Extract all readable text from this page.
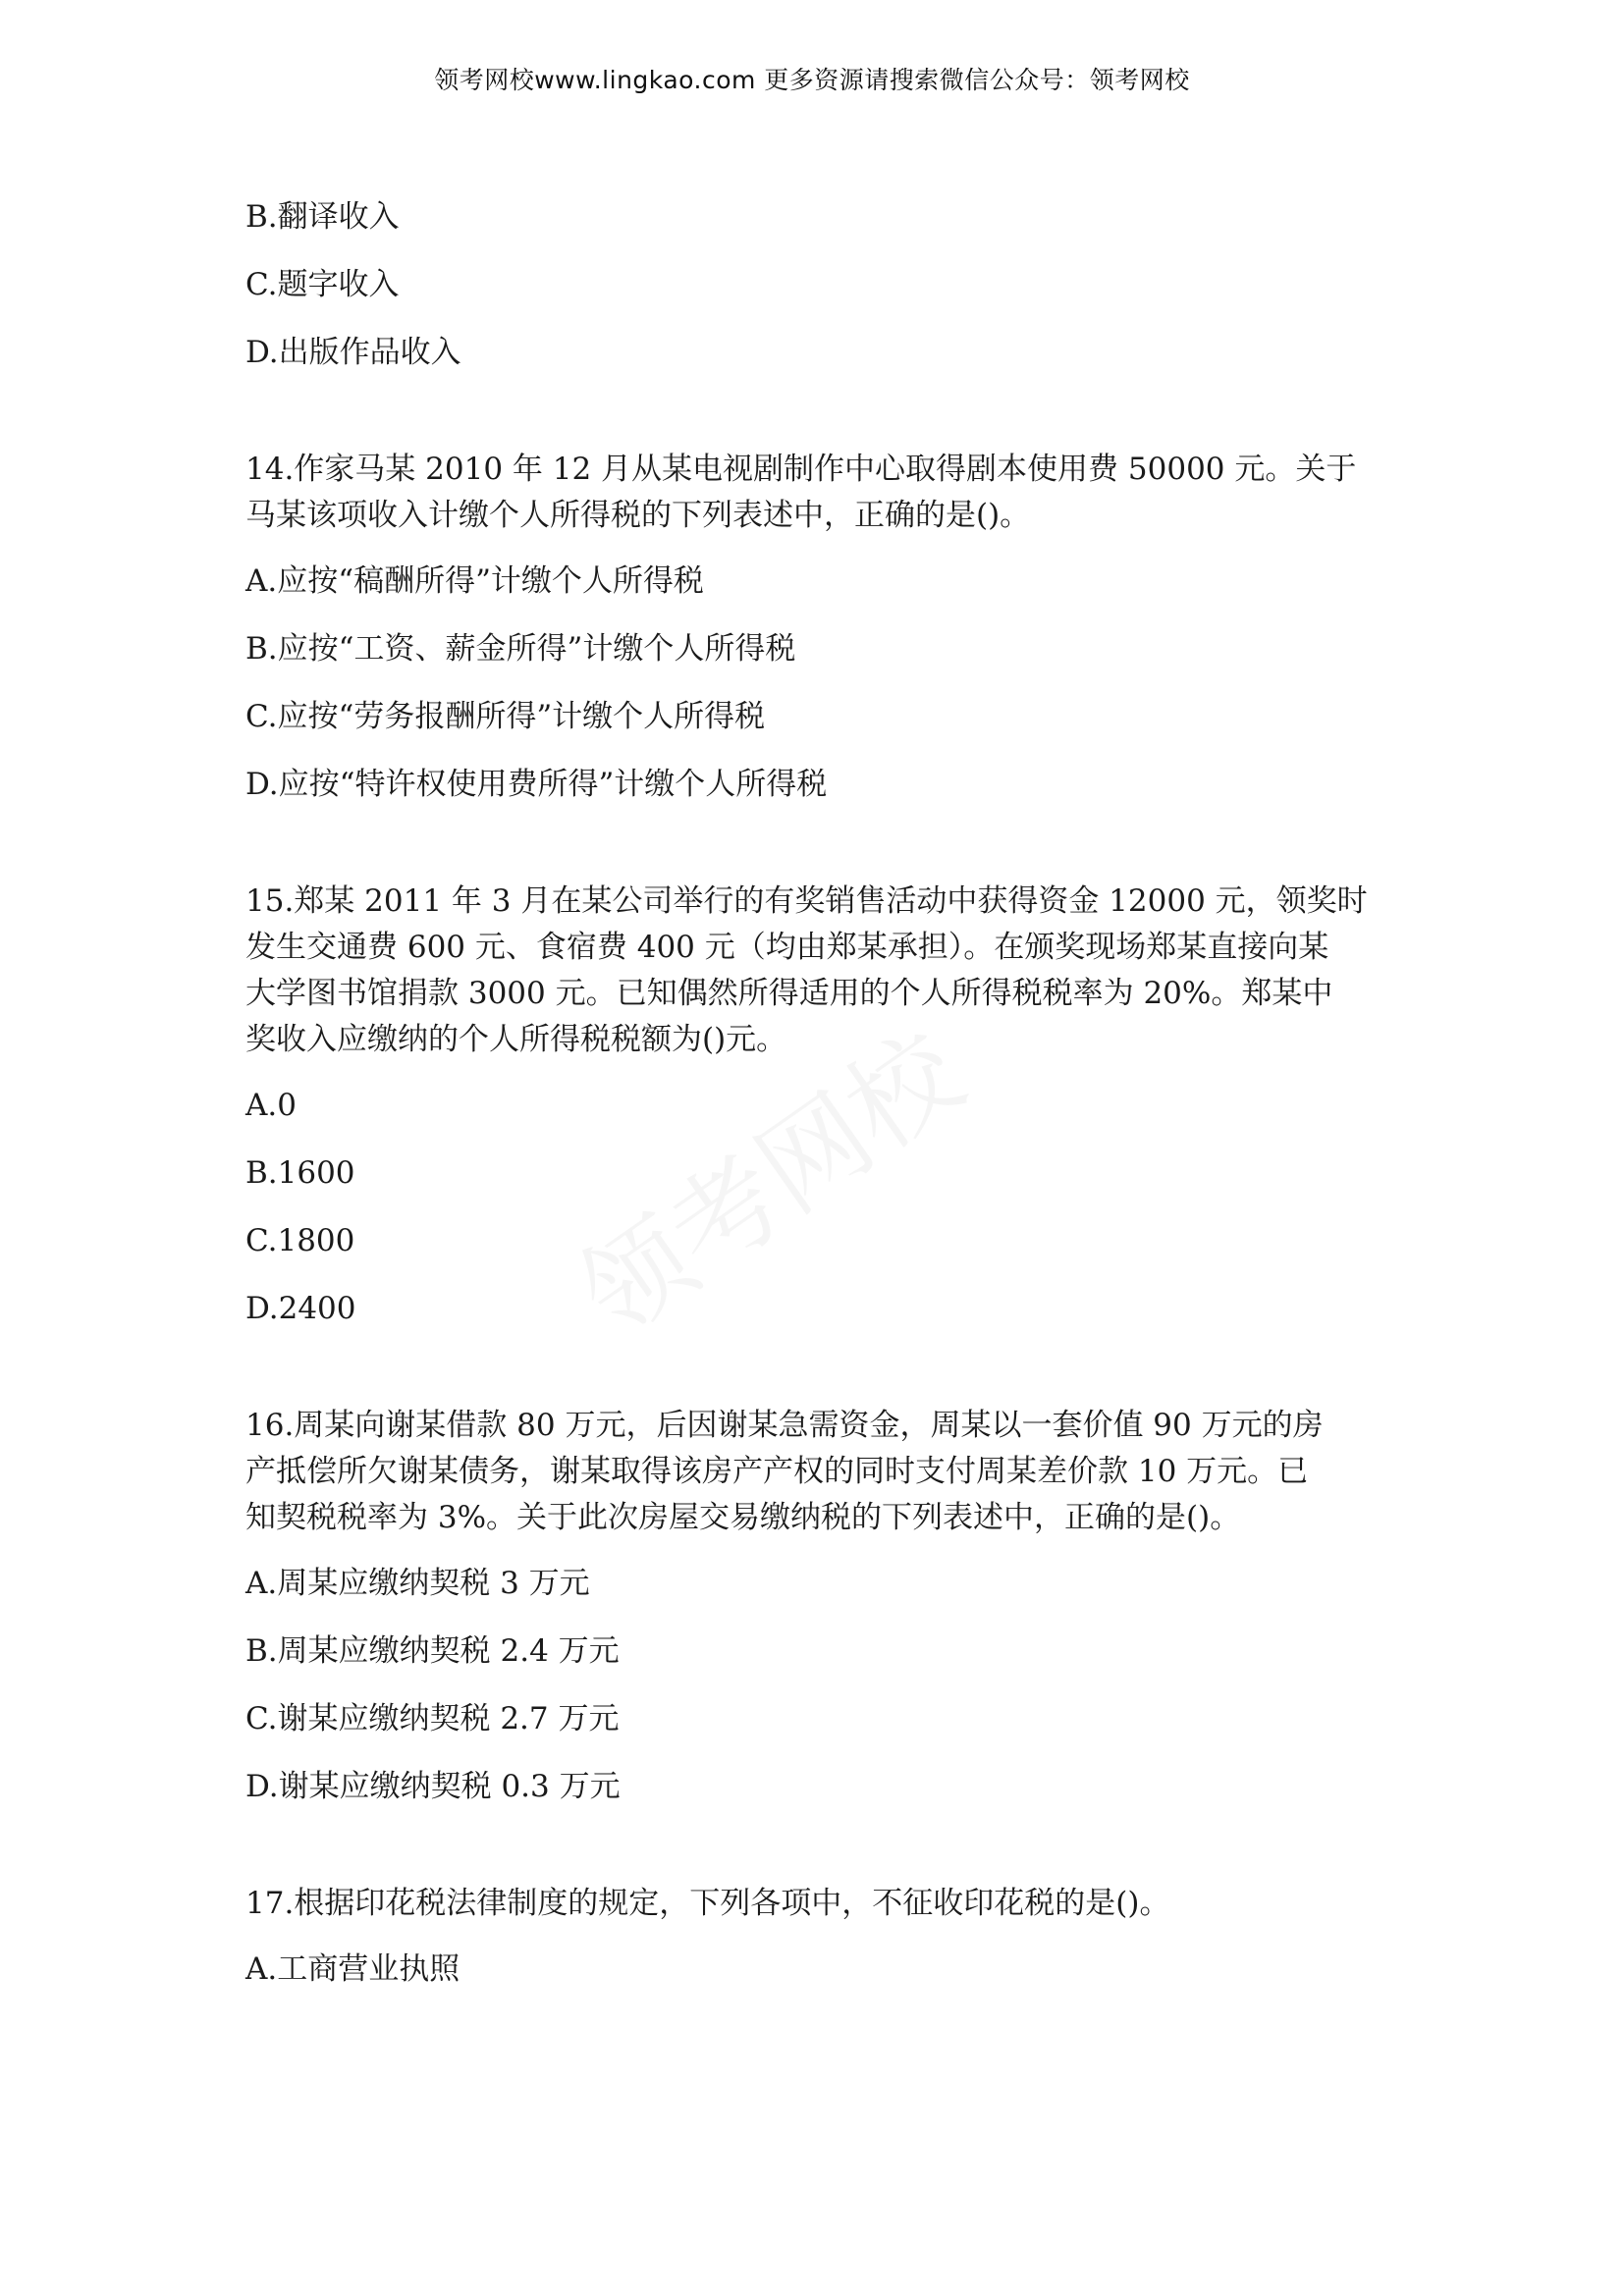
领考网校www.lingkao.com 更多资源请搜索微信公众号：领考网校

B.翻译收入

C.题字收入

D.出版作品收入

14.作家马某 2010 年 12 月从某电视剧制作中心取得剧本使用费 50000 元。关于

马某该项收入计缴个人所得税的下列表述中，正确的是()。

A.应按“稿酬所得”计缴个人所得税

B.应按“工资、薪金所得”计缴个人所得税

C.应按“劳务报酬所得”计缴个人所得税

D.应按“特许权使用费所得”计缴个人所得税

15.郑某 2011 年 3 月在某公司举行的有奖销售活动中获得资金 12000 元，领奖时

发生交通费 600 元、食宿费 400 元（均由郑某承担）。在颁奖现场郑某直接向某

大学图书馆捐款 3000 元。已知偶然所得适用的个人所得税税率为 20%。郑某中

奖收入应缴纳的个人所得税税额为()元。

A.0

B.1600

C.1800

D.2400

16.周某向谢某借款 80 万元，后因谢某急需资金，周某以一套价值 90 万元的房

产抵偿所欠谢某债务，谢某取得该房产产权的同时支付周某差价款 10 万元。已

知契税税率为 3%。关于此次房屋交易缴纳税的下列表述中，正确的是()。

A.周某应缴纳契税 3 万元

B.周某应缴纳契税 2.4 万元

C.谢某应缴纳契税 2.7 万元

D.谢某应缴纳契税 0.3 万元

17.根据印花税法律制度的规定，下列各项中，不征收印花税的是()。

A.工商营业执照
